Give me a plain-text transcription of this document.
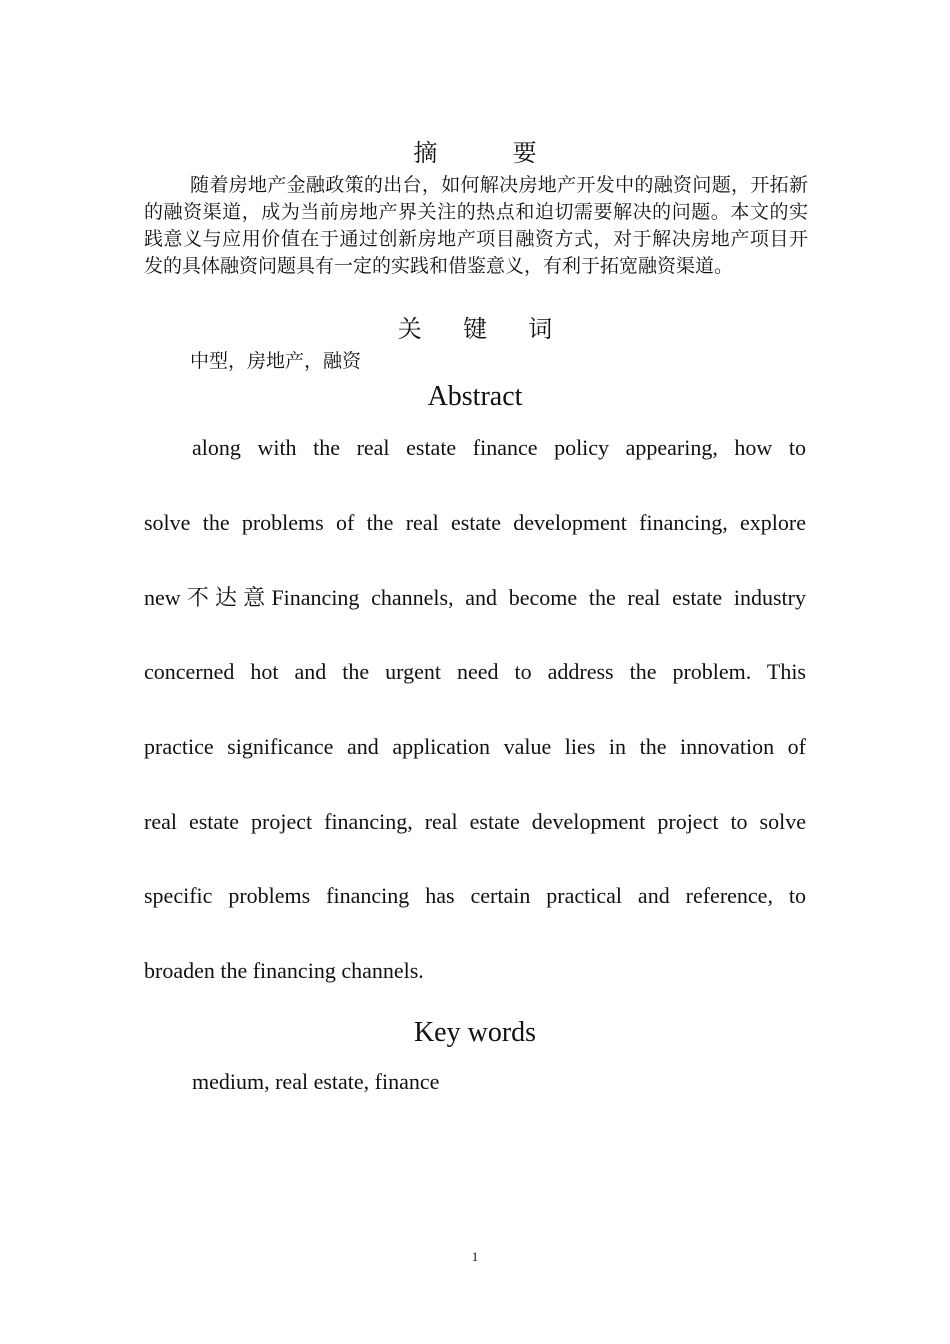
摘	要
随着房地产金融政策的出台，如何解决房地产开发中的融资问题，开拓新的融资渠道，成为当前房地产界关注的热点和迫切需要解决的问题。本文的实践意义与应用价值在于通过创新房地产项目融资方式，对于解决房地产项目开发的具体融资问题具有一定的实践和借鉴意义，有利于拓宽融资渠道。
关 键 词
中型，房地产，融资
Abstract
along with the real estate finance policy appearing, how to
solve the problems of the real estate development financing, explore
new不达意Financing channels, and become the real estate industry
concerned hot and the urgent need to address the problem. This
practice significance and application value lies in the innovation of
real estate project financing, real estate development project to solve
specific problems financing has certain practical and reference, to
broaden the financing channels.
Key words
medium, real estate, finance
1
